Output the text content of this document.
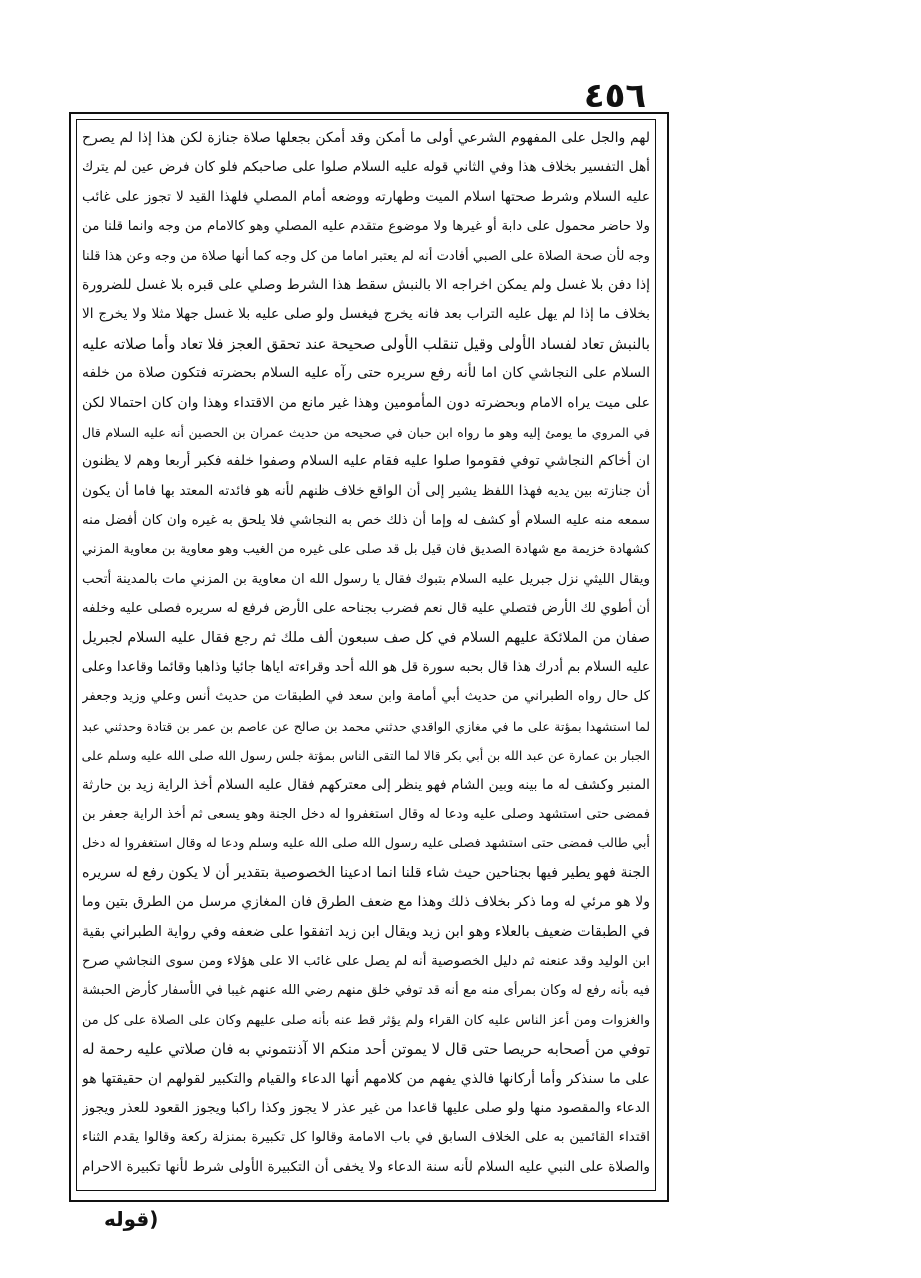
٤٥٦
لهم والجل على المفهوم الشرعي أولى ما أمكن وقد أمكن بجعلها صلاة جنازة لكن هذا إذا لم يصرح
أهل التفسير بخلاف هذا وفي الثاني قوله عليه السلام صلوا على صاحبكم فلو كان فرض عين لم يترك
عليه السلام وشرط صحتها اسلام الميت وطهارته ووضعه أمام المصلي فلهذا القيد لا تجوز على غائب
ولا حاضر محمول على دابة أو غيرها ولا موضوع متقدم عليه المصلي وهو كالامام من وجه وانما قلنا من
وجه لأن صحة الصلاة على الصبي أفادت أنه لم يعتبر اماما من كل وجه كما أنها صلاة من وجه وعن هذا قلنا
إذا دفن بلا غسل ولم يمكن اخراجه الا بالنبش سقط هذا الشرط وصلي على قبره بلا غسل للضرورة
بخلاف ما إذا لم يهل عليه التراب بعد فانه يخرج فيغسل ولو صلى عليه بلا غسل جهلا مثلا ولا يخرج الا
بالنبش تعاد لفساد الأولى وقيل تنقلب الأولى صحيحة عند تحقق العجز فلا تعاد وأما صلاته عليه
السلام على النجاشي كان اما لأنه رفع سريره حتى رآه عليه السلام بحضرته فتكون صلاة من خلفه
على ميت يراه الامام وبحضرته دون المأمومين وهذا غير مانع من الاقتداء وهذا وان كان احتمالا لكن
في المروي ما يومئ إليه وهو ما رواه ابن حبان في صحيحه من حديث عمران بن الحصين أنه عليه السلام قال
ان أخاكم النجاشي توفي فقوموا صلوا عليه فقام عليه السلام وصفوا خلفه فكبر أربعا وهم لا يظنون
أن جنازته بين يديه فهذا اللفظ يشير إلى أن الواقع خلاف ظنهم لأنه هو فائدته المعتد بها فاما أن يكون
سمعه منه عليه السلام أو كشف له وإما أن ذلك خص به النجاشي فلا يلحق به غيره وان كان أفضل منه
كشهادة خزيمة مع شهادة الصديق فان قيل بل قد صلى على غيره من الغيب وهو معاوية بن معاوية المزني
ويقال الليثي نزل جبريل عليه السلام بتبوك فقال يا رسول الله ان معاوية بن المزني مات بالمدينة أتحب
أن أطوي لك الأرض فتصلي عليه قال نعم فضرب بجناحه على الأرض فرفع له سريره فصلى عليه وخلفه
صفان من الملائكة عليهم السلام في كل صف سبعون ألف ملك ثم رجع فقال عليه السلام لجبريل
عليه السلام بم أدرك هذا قال بحبه سورة قل هو الله أحد وقراءته اياها جائيا وذاهبا وقائما وقاعدا وعلى
كل حال رواه الطبراني من حديث أبي أمامة وابن سعد في الطبقات من حديث أنس وعلي وزيد وجعفر
لما استشهدا بمؤتة على ما في مغازي الواقدي حدثني محمد بن صالح عن عاصم بن عمر بن قتادة وحدثني عبد
الجبار بن عمارة عن عبد الله بن أبي بكر قالا لما التقى الناس بمؤتة جلس رسول الله صلى الله عليه وسلم على
المنبر وكشف له ما بينه وبين الشام فهو ينظر إلى معتركهم فقال عليه السلام أخذ الراية زيد بن حارثة
فمضى حتى استشهد وصلى عليه ودعا له وقال استغفروا له دخل الجنة وهو يسعى ثم أخذ الراية جعفر بن
أبي طالب فمضى حتى استشهد فصلى عليه رسول الله صلى الله عليه وسلم ودعا له وقال استغفروا له دخل
الجنة فهو يطير فيها بجناحين حيث شاء قلنا انما ادعينا الخصوصية بتقدير أن لا يكون رفع له سريره
ولا هو مرئي له وما ذكر بخلاف ذلك وهذا مع ضعف الطرق فان المغازي مرسل من الطرق بتين وما
في الطبقات ضعيف بالعلاء وهو ابن زيد ويقال ابن زيد اتفقوا على ضعفه وفي رواية الطبراني بقية
ابن الوليد وقد عنعنه ثم دليل الخصوصية أنه لم يصل على غائب الا على هؤلاء ومن سوى النجاشي صرح
فيه بأنه رفع له وكان بمرأى منه مع أنه قد توفي خلق منهم رضي الله عنهم غيبا في الأسفار كأرض الحبشة
والغزوات ومن أعز الناس عليه كان القراء ولم يؤثر قط عنه بأنه صلى عليهم وكان على الصلاة على كل من
توفي من أصحابه حريصا حتى قال لا يموتن أحد منكم الا آذنتموني به فان صلاتي عليه رحمة له
على ما سنذكر وأما أركانها فالذي يفهم من كلامهم أنها الدعاء والقيام والتكبير لقولهم ان حقيقتها هو
الدعاء والمقصود منها ولو صلى عليها قاعدا من غير عذر لا يجوز وكذا راكبا ويجوز القعود للعذر ويجوز
اقتداء القائمين به على الخلاف السابق في باب الامامة وقالوا كل تكبيرة بمنزلة ركعة وقالوا يقدم الثناء
والصلاة على النبي عليه السلام لأنه سنة الدعاء ولا يخفى أن التكبيرة الأولى شرط لأنها تكبيرة الاحرام
(قوله
